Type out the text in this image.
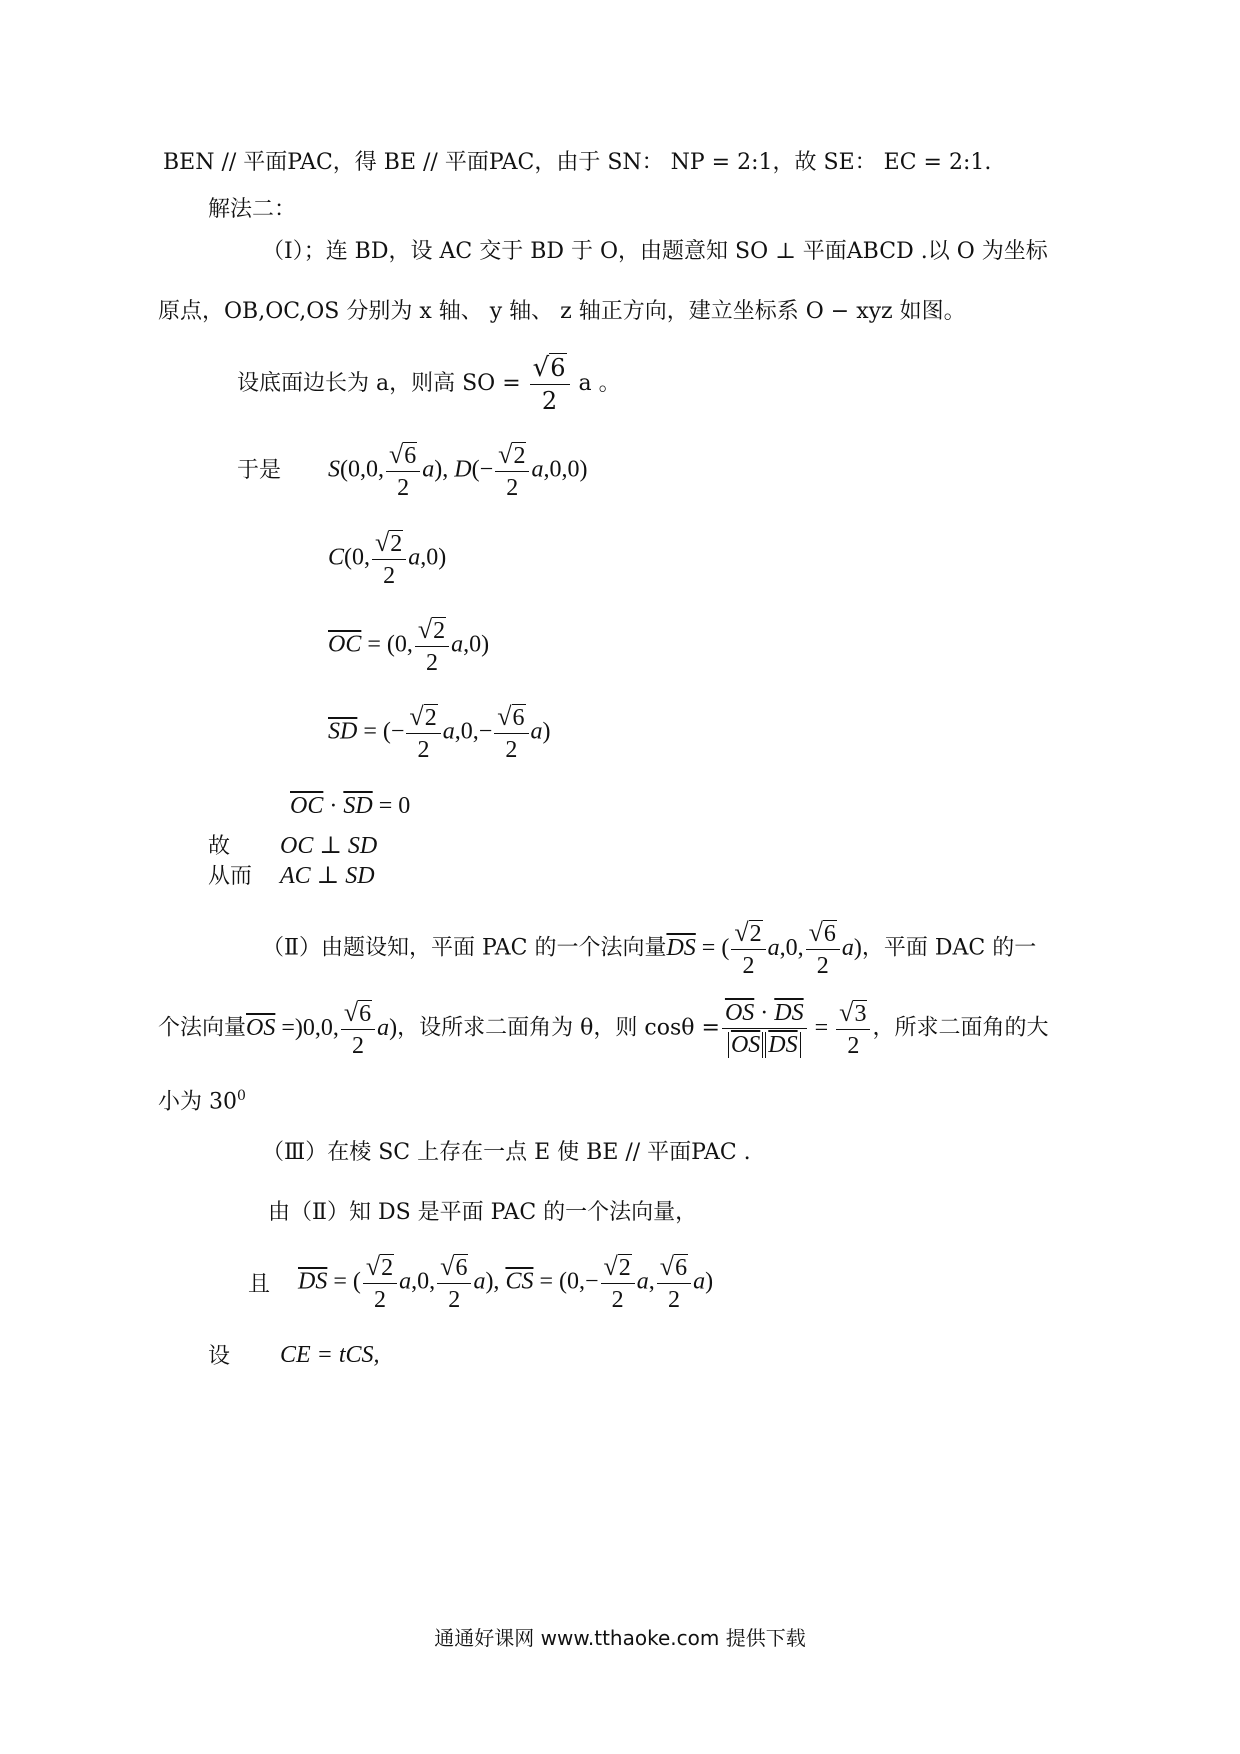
BEN // 平面PAC，得 BE // 平面PAC，由于 SN： NP = 2:1，故 SE： EC = 2:1.
解法二：
（Ⅰ）；连 BD，设 AC 交于 BD 于 O，由题意知 SO ⊥ 平面ABCD .以 O 为坐标
原点，OB,OC,OS 分别为 x 轴、 y 轴、 z 轴正方向，建立坐标系 O − xyz 如图。
设底面边长为 a，则高 SO = $\frac{√6}{2}$ a 。
于是 S(0,0, $\frac{√6}{2} a$), $D(- \frac{√2}{2} a,0,0)$
C(0, $\frac{√2}{2} a,0$)
$\overline{OC} = (0$, $\frac{√2}{2} a,0$)
$\overline{SD}$ = (− $\frac{√2}{2} a,0,- \frac{√6}{2} a$)
$\overline{OC} \cdot \overline{SD} = 0$
故 OC ⊥ SD
从而 AC ⊥ SD
（Ⅱ）由题设知，平面 PAC 的一个法向量$\overline{DS}$ = ( $\frac{√2}{2} a,0$, $\frac{√6}{2} a$)，平面 DAC 的一
个法向量$\overline{OS} =)0,0$, $\frac{√6}{2} a$)，设所求二面角为 θ，则 $\cos\theta = \frac{\overline{OS} \cdot \overline{DS}}{\overline{OS} \overline{DS}} = \frac{√3}{2}$ ，所求二面角的大
小为 $30^0$
（Ⅲ）在棱 SC 上存在一点 E 使 BE // 平面PAC .
由（Ⅱ）知 DS 是平面 PAC 的一个法向量，
且 $\overline{DS}$ = ( $\frac{√2}{2} a,0$, $\frac{√6}{2} a$), $\overline{CS} = (0,- \frac{√2}{2} a$, $\frac{√6}{2} a$)
设 CE = tCS,
通通好课网 www.tthaoke.com 提供下载
